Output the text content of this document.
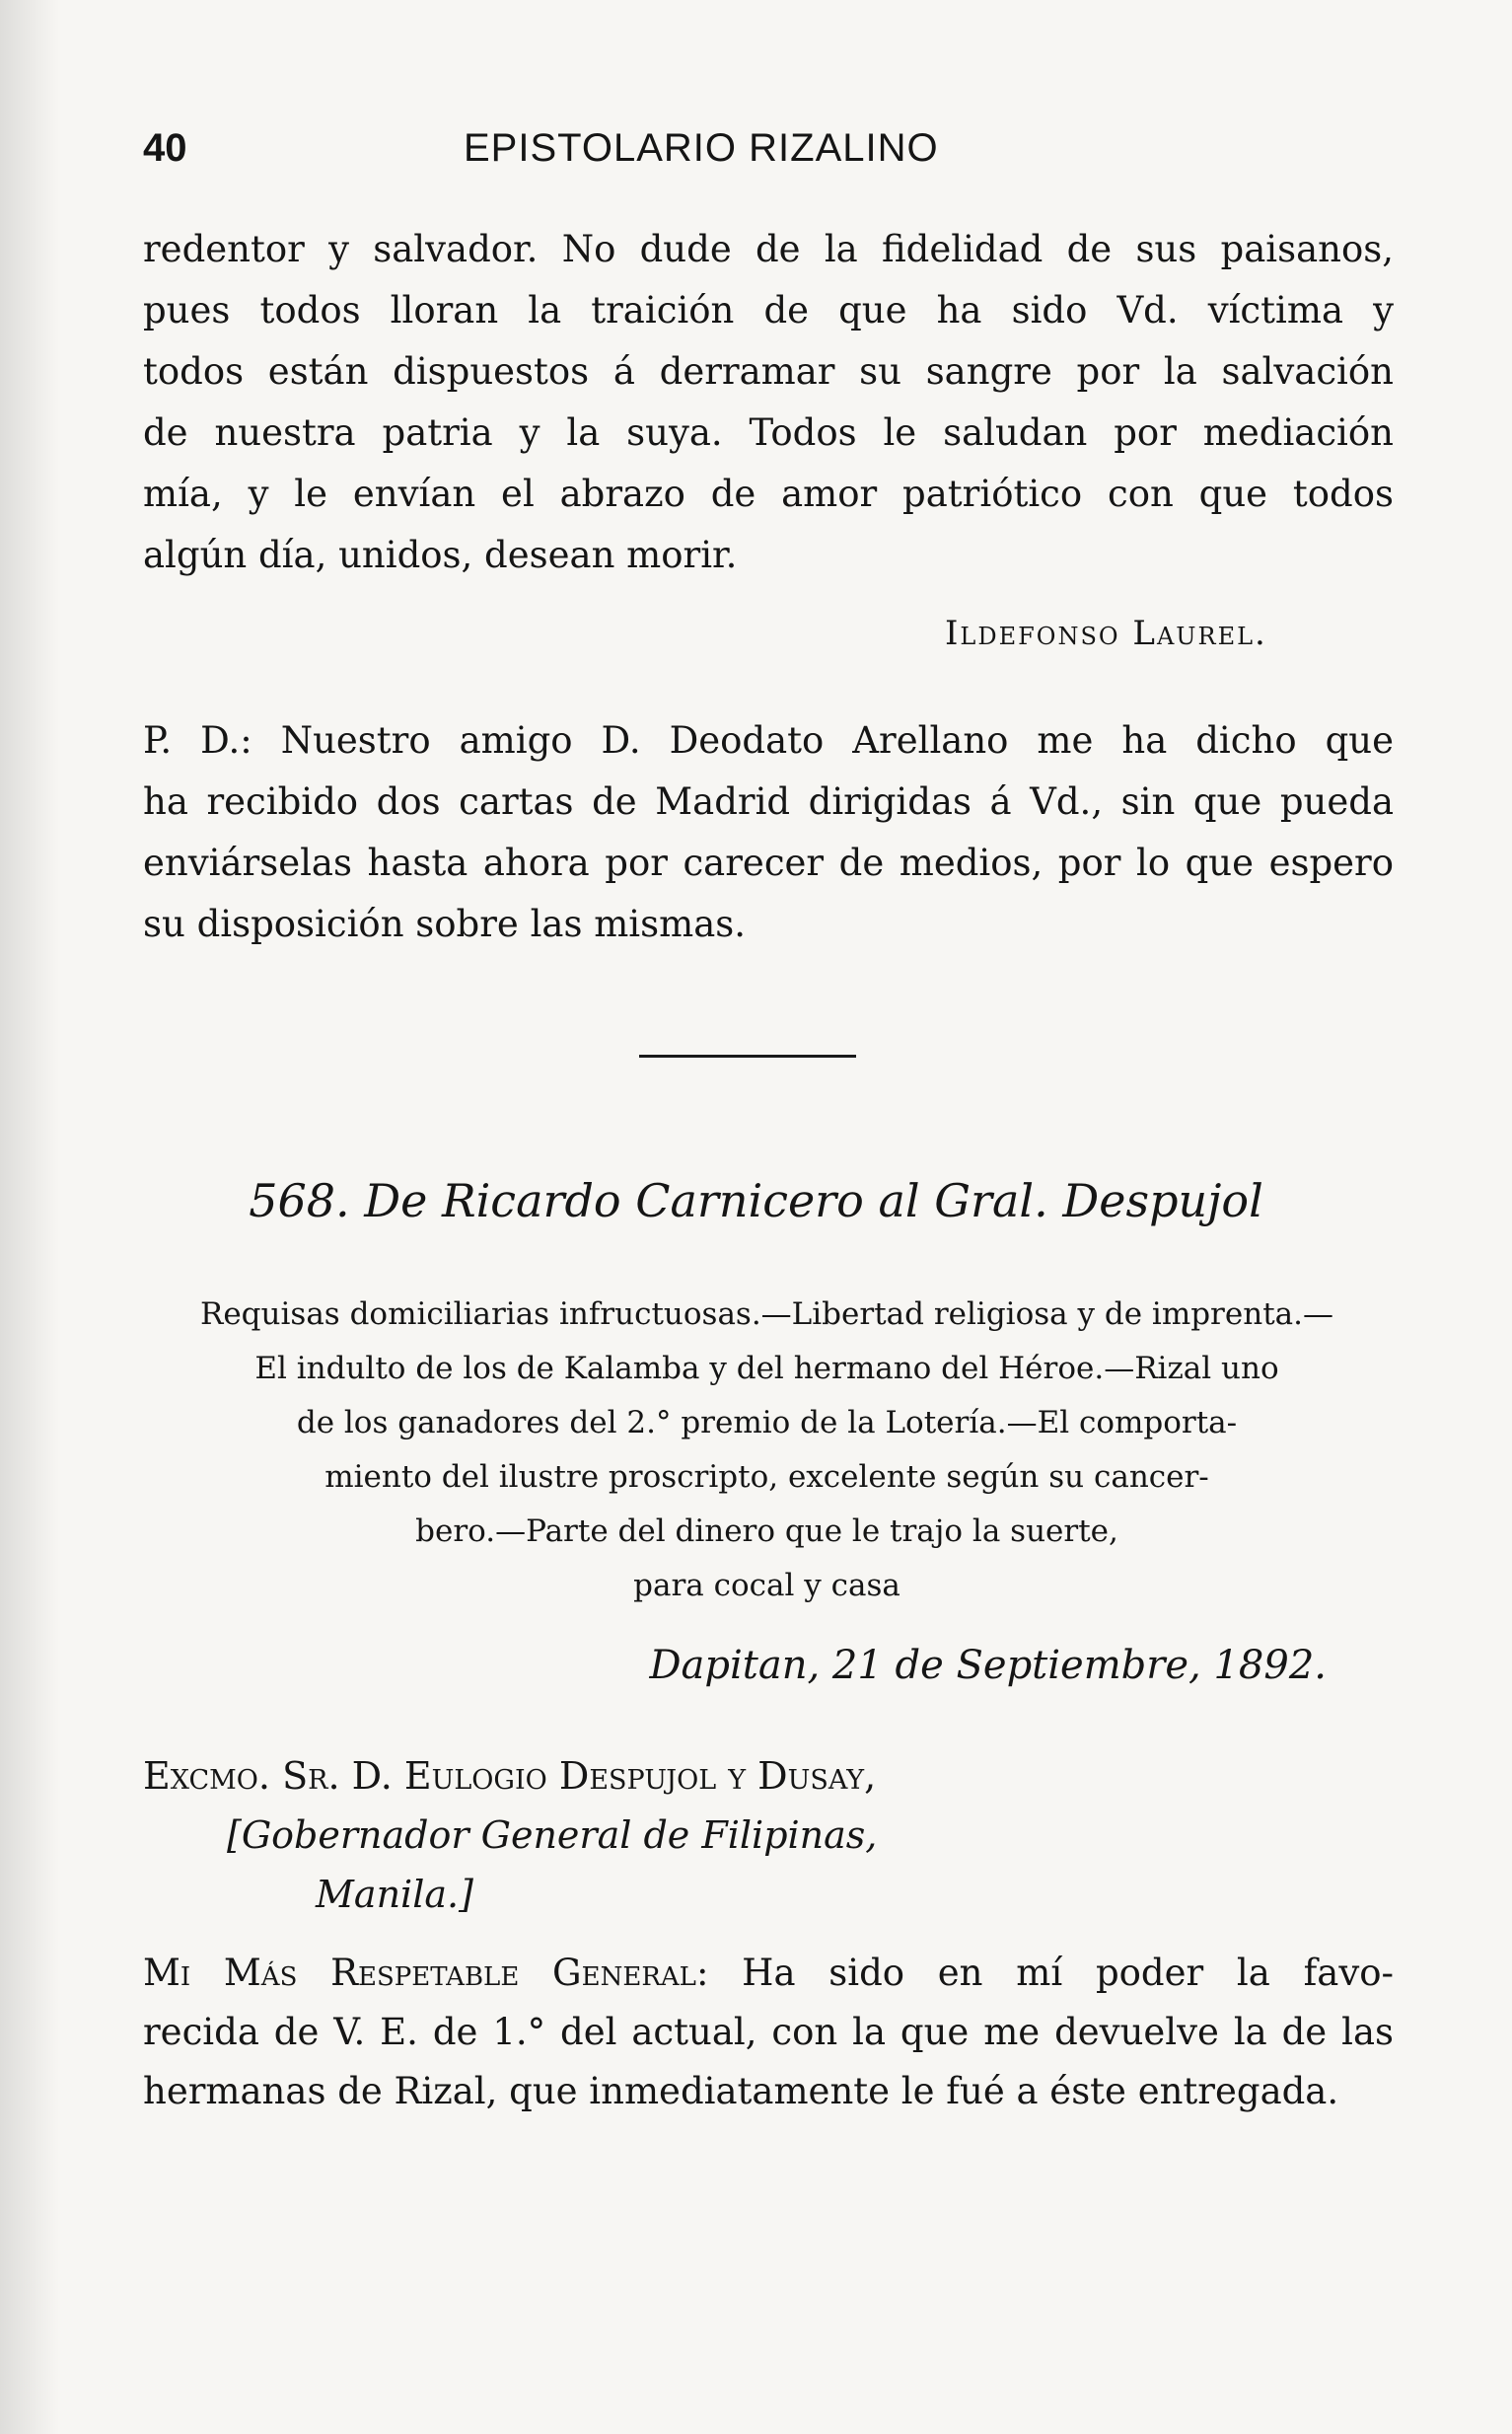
40	EPISTOLARIO RIZALINO
redentor y salvador. No dude de la fidelidad de sus paisanos,
pues todos lloran la traición de que ha sido Vd. víctima y
todos están dispuestos á derramar su sangre por la salvación
de nuestra patria y la suya. Todos le saludan por mediación
mía, y le envían el abrazo de amor patriótico con que todos
algún día, unidos, desean morir.
Ildefonso Laurel.
P. D.: Nuestro amigo D. Deodato Arellano me ha dicho que
ha recibido dos cartas de Madrid dirigidas á Vd., sin que pueda
enviárselas hasta ahora por carecer de medios, por lo que espero
su disposición sobre las mismas.
568. De Ricardo Carnicero al Gral. Despujol
Requisas domiciliarias infructuosas.—Libertad religiosa y de imprenta.—
El indulto de los de Kalamba y del hermano del Héroe.—Rizal uno
de los ganadores del 2.° premio de la Lotería.—El comporta-
miento del ilustre proscripto, excelente según su cancer-
bero.—Parte del dinero que le trajo la suerte,
para cocal y casa
Dapitan, 21 de Septiembre, 1892.
Excmo. Sr. D. Eulogio Despujol y Dusay,
[Gobernador General de Filipinas,
Manila.]
Mi Más Respetable General: Ha sido en mí poder la favo-
recida de V. E. de 1.° del actual, con la que me devuelve la de las
hermanas de Rizal, que inmediatamente le fué a éste entregada.
